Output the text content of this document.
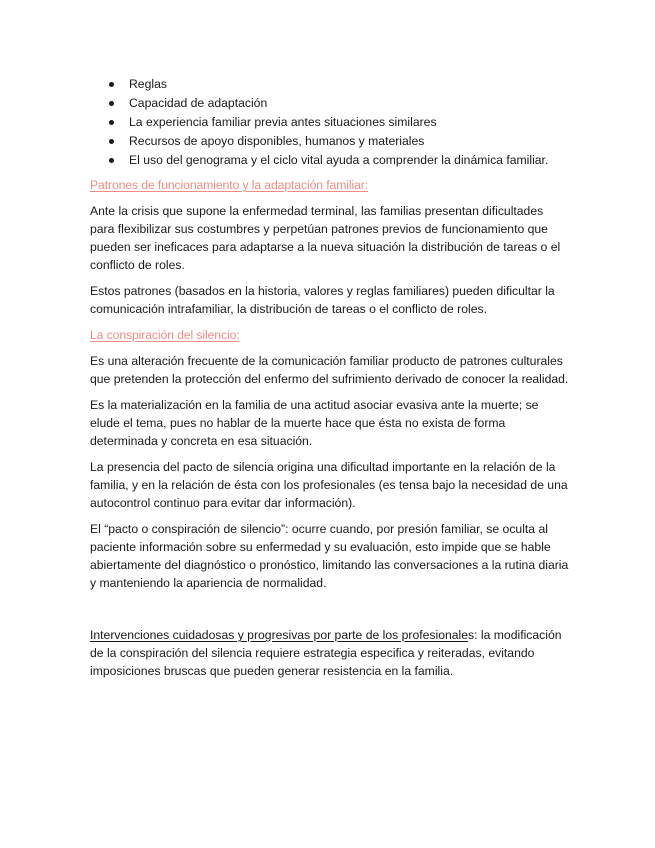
Reglas
Capacidad de adaptación
La experiencia familiar previa antes situaciones similares
Recursos de apoyo disponibles, humanos y materiales
El uso del genograma y el ciclo vital ayuda a comprender la dinámica familiar.
Patrones de funcionamiento y la adaptación familiar:

Ante la crisis que supone la enfermedad terminal, las familias presentan dificultades para flexibilizar sus costumbres y perpetúan patrones previos de funcionamiento que pueden ser ineficaces para adaptarse a la nueva situación la distribución de tareas o el conflicto de roles.

Estos patrones (basados en la historia, valores y reglas familiares) pueden dificultar la comunicación intrafamiliar, la distribución de tareas o el conflicto de roles.

La conspiración del silencio:

Es una alteración frecuente de la comunicación familiar producto de patrones culturales que pretenden la protección del enfermo del sufrimiento derivado de conocer la realidad.

Es la materialización en la familia de una actitud asociar evasiva ante la muerte; se elude el tema, pues no hablar de la muerte hace que ésta no exista de forma determinada y concreta en esa situación.

La presencia del pacto de silencia origina una dificultad importante en la relación de la familia, y en la relación de ésta con los profesionales (es tensa bajo la necesidad de una autocontrol continuo para evitar dar información).

El “pacto o conspiración de silencio”: ocurre cuando, por presión familiar, se oculta al paciente información sobre su enfermedad y su evaluación, esto impide que se hable abiertamente del diagnóstico o pronóstico, limitando las conversaciones a la rutina diaria y manteniendo la apariencia de normalidad.

Intervenciones cuidadosas y progresivas por parte de los profesionales: la modificación de la conspiración del silencia requiere estrategia especifica y reiteradas, evitando imposiciones bruscas que pueden generar resistencia en la familia.
